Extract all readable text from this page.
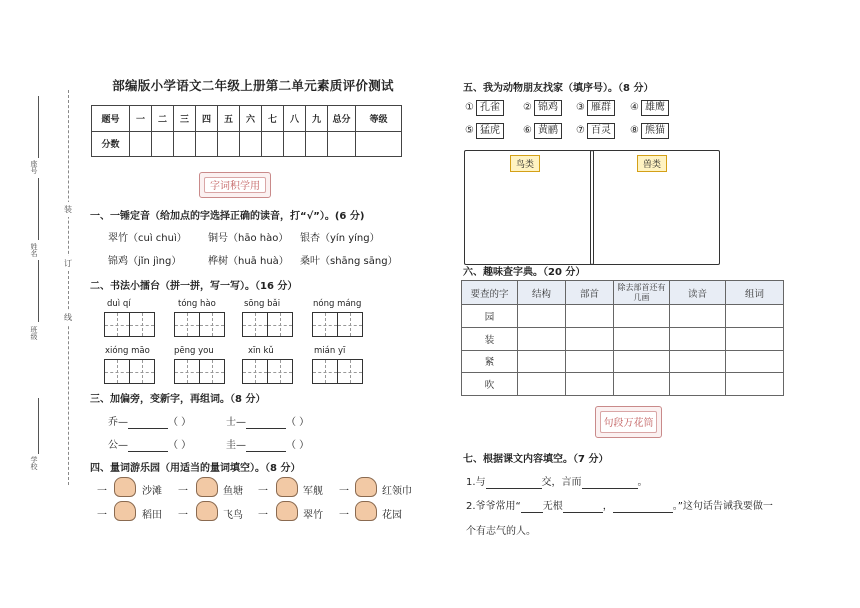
座号
姓名
班级
学校
装
订
线
部编版小学语文二年级上册第二单元素质评价测试
题号	一	二	三	四	五	六	七	八	九	总分	等级
分数											
字词积学用
一、一锤定音（给加点的字选择正确的读音，打“√”）。(6 分)
翠竹（cuì chuì） 铜号（hāo hào） 银杏（yín yíng）
锦鸡（jǐn jìng）	桦树（huā huà） 桑叶（shāng sāng）
二、书法小擂台（拼一拼，写一写）。（16 分）
duì qí	tóng hào	sōng bǎi	nóng máng
xióng māo	pēng you	xīn kǔ	mián yī
三、加偏旁，变新字，再组词。（8 分）
乔—	（ ）	士—	（ ）
公—	（ ）	圭—	（ ）
四、量词游乐园（用适当的量词填空）。（8 分）
一	沙滩 一	鱼塘 一	军舰 一	红领巾
一	稻田 一	飞鸟 一	翠竹 一	花园
五、我为动物朋友找家（填序号）。（8 分）
① 孔雀	② 锦鸡	③ 雁群	④ 雄鹰
⑤ 猛虎	⑥ 黄鹂	⑦ 百灵	⑧ 熊猫
鸟类	兽类
六、趣味查字典。（20 分）
要查的字	结构	部首	除去部首还有几画	读音	组词
园					
装					
紧					
吹					
句段万花筒
七、根据课文内容填空。（7 分）
1.与	交，言而	。
2.爷爷常用“ 无根	，	。”这句话告诫我要做一
个有志气的人。
